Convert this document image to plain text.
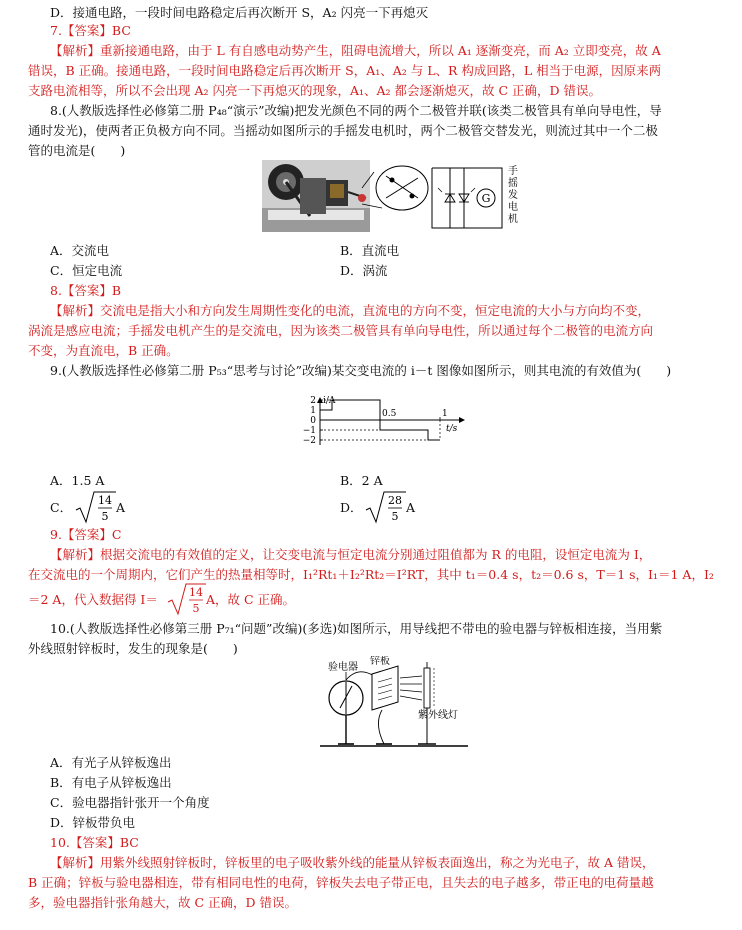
D．接通电路，一段时间电路稳定后再次断开 S，A₂ 闪亮一下再熄灭
7.【答案】BC
【解析】重新接通电路，由于 L 有自感电动势产生，阻碍电流增大，所以 A₁ 逐渐变亮，而 A₂ 立即变亮，故 A
错误，B 正确。接通电路，一段时间电路稳定后再次断开 S，A₁、A₂ 与 L、R 构成回路，L 相当于电源，因原来两
支路电流相等，所以不会出现 A₂ 闪亮一下再熄灭的现象，A₁、A₂ 都会逐渐熄灭，故 C 正确，D 错误。
8.(人教版选择性必修第二册 P₄₈“演示”改编)把发光颜色不同的两个二极管并联(该类二极管具有单向导电性，导
通时发光)，使两者正负极方向不同。当摇动如图所示的手摇发电机时，两个二极管交替发光，则流过其中一个二极
管的电流是(　　)
G
手摇发电机
A．交流电	B．直流电
C．恒定电流	D．涡流
8.【答案】B
【解析】交流电是指大小和方向发生周期性变化的电流，直流电的方向不变，恒定电流的大小与方向均不变，
涡流是感应电流；手摇发电机产生的是交流电，因为该类二极管具有单向导电性，所以通过每个二极管的电流方向
不变，为直流电，B 正确。
9.(人教版选择性必修第二册 P₅₃“思考与讨论”改编)某交变电流的 i－t 图像如图所示，则其电流的有效值为(　　)
i/A
t/s
2
1
0
−1
−2
0.5	1
A．1.5 A	B．2 A
C． 14
5
A	D． 28
5
A
9.【答案】C
【解析】根据交流电的有效值的定义，让交变电流与恒定电流分别通过阻值都为 R 的电阻，设恒定电流为 I，
在交流电的一个周期内，它们产生的热量相等时，I₁²Rt₁＋I₂²Rt₂＝I²RT，其中 t₁＝0.4 s，t₂＝0.6 s，T＝1 s，I₁＝1 A，I₂
＝2 A，代入数据得 I＝	14
5
A，故 C 正确。
10.(人教版选择性必修第三册 P₇₁“问题”改编)(多选)如图所示，用导线把不带电的验电器与锌板相连接，当用紫
外线照射锌板时，发生的现象是(　　)
验电器
锌板
紫外线灯
A．有光子从锌板逸出
B．有电子从锌板逸出
C．验电器指针张开一个角度
D．锌板带负电
10.【答案】BC
【解析】用紫外线照射锌板时，锌板里的电子吸收紫外线的能量从锌板表面逸出，称之为光电子，故 A 错误，
B 正确；锌板与验电器相连，带有相同电性的电荷，锌板失去电子带正电，且失去的电子越多，带正电的电荷量越
多，验电器指针张角越大，故 C 正确，D 错误。
